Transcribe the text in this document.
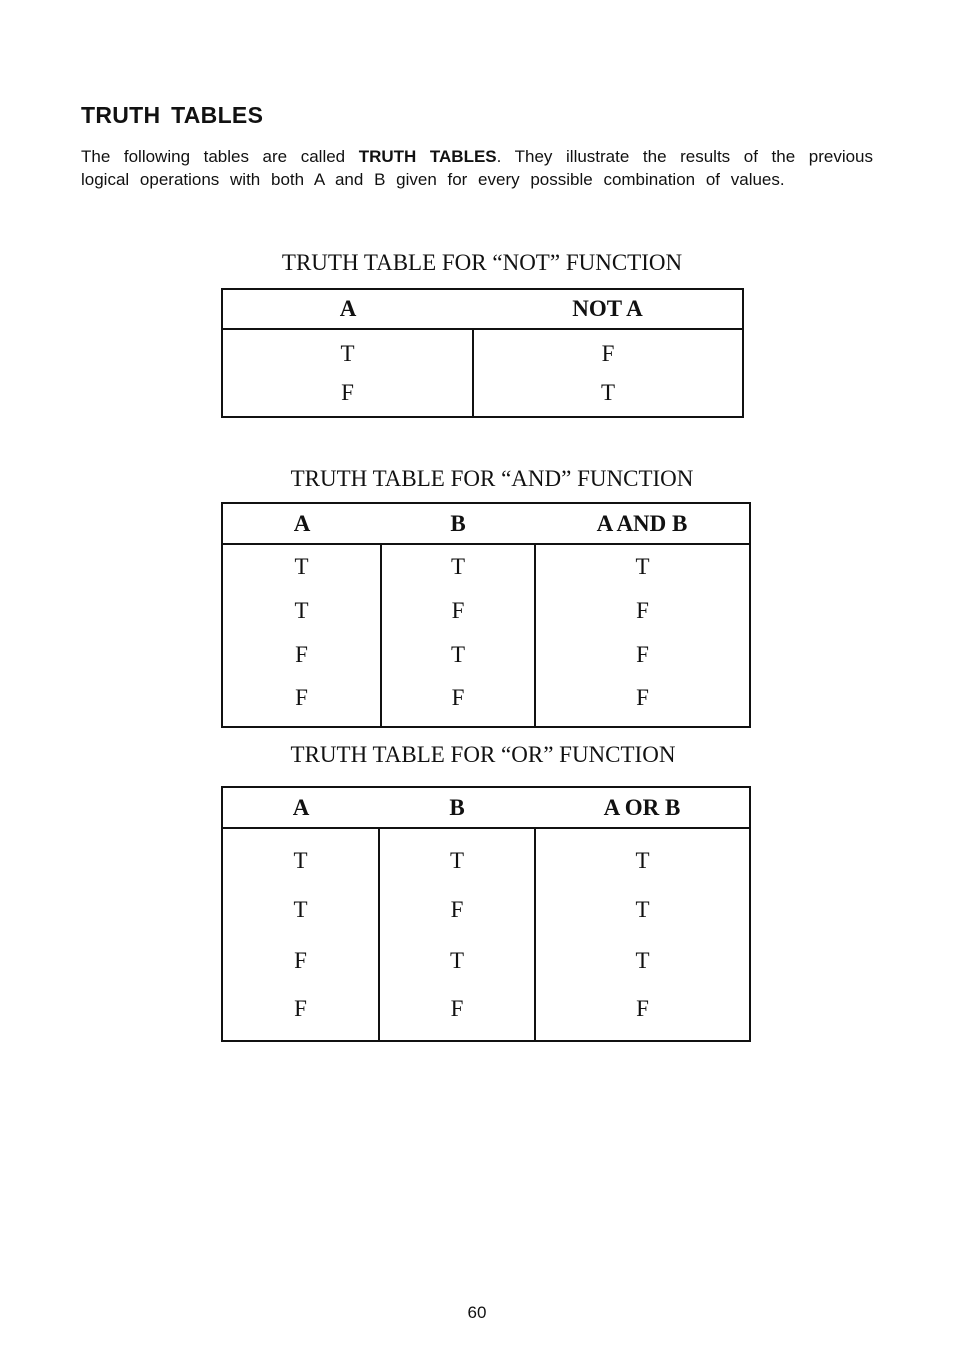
TRUTH TABLES

The following tables are called TRUTH TABLES. They illustrate the results of the previous
logical operations with both A and B given for every possible combination of values.

TRUTH TABLE FOR “NOT” FUNCTION
A	NOT A
T	F
F	T
TRUTH TABLE FOR “AND” FUNCTION
A	B	A AND B
T	T	T
T	F	F
F	T	F
F	F	F
TRUTH TABLE FOR “OR” FUNCTION
A	B	A OR B
T	T	T
T	F	T
F	T	T
F	F	F
60
